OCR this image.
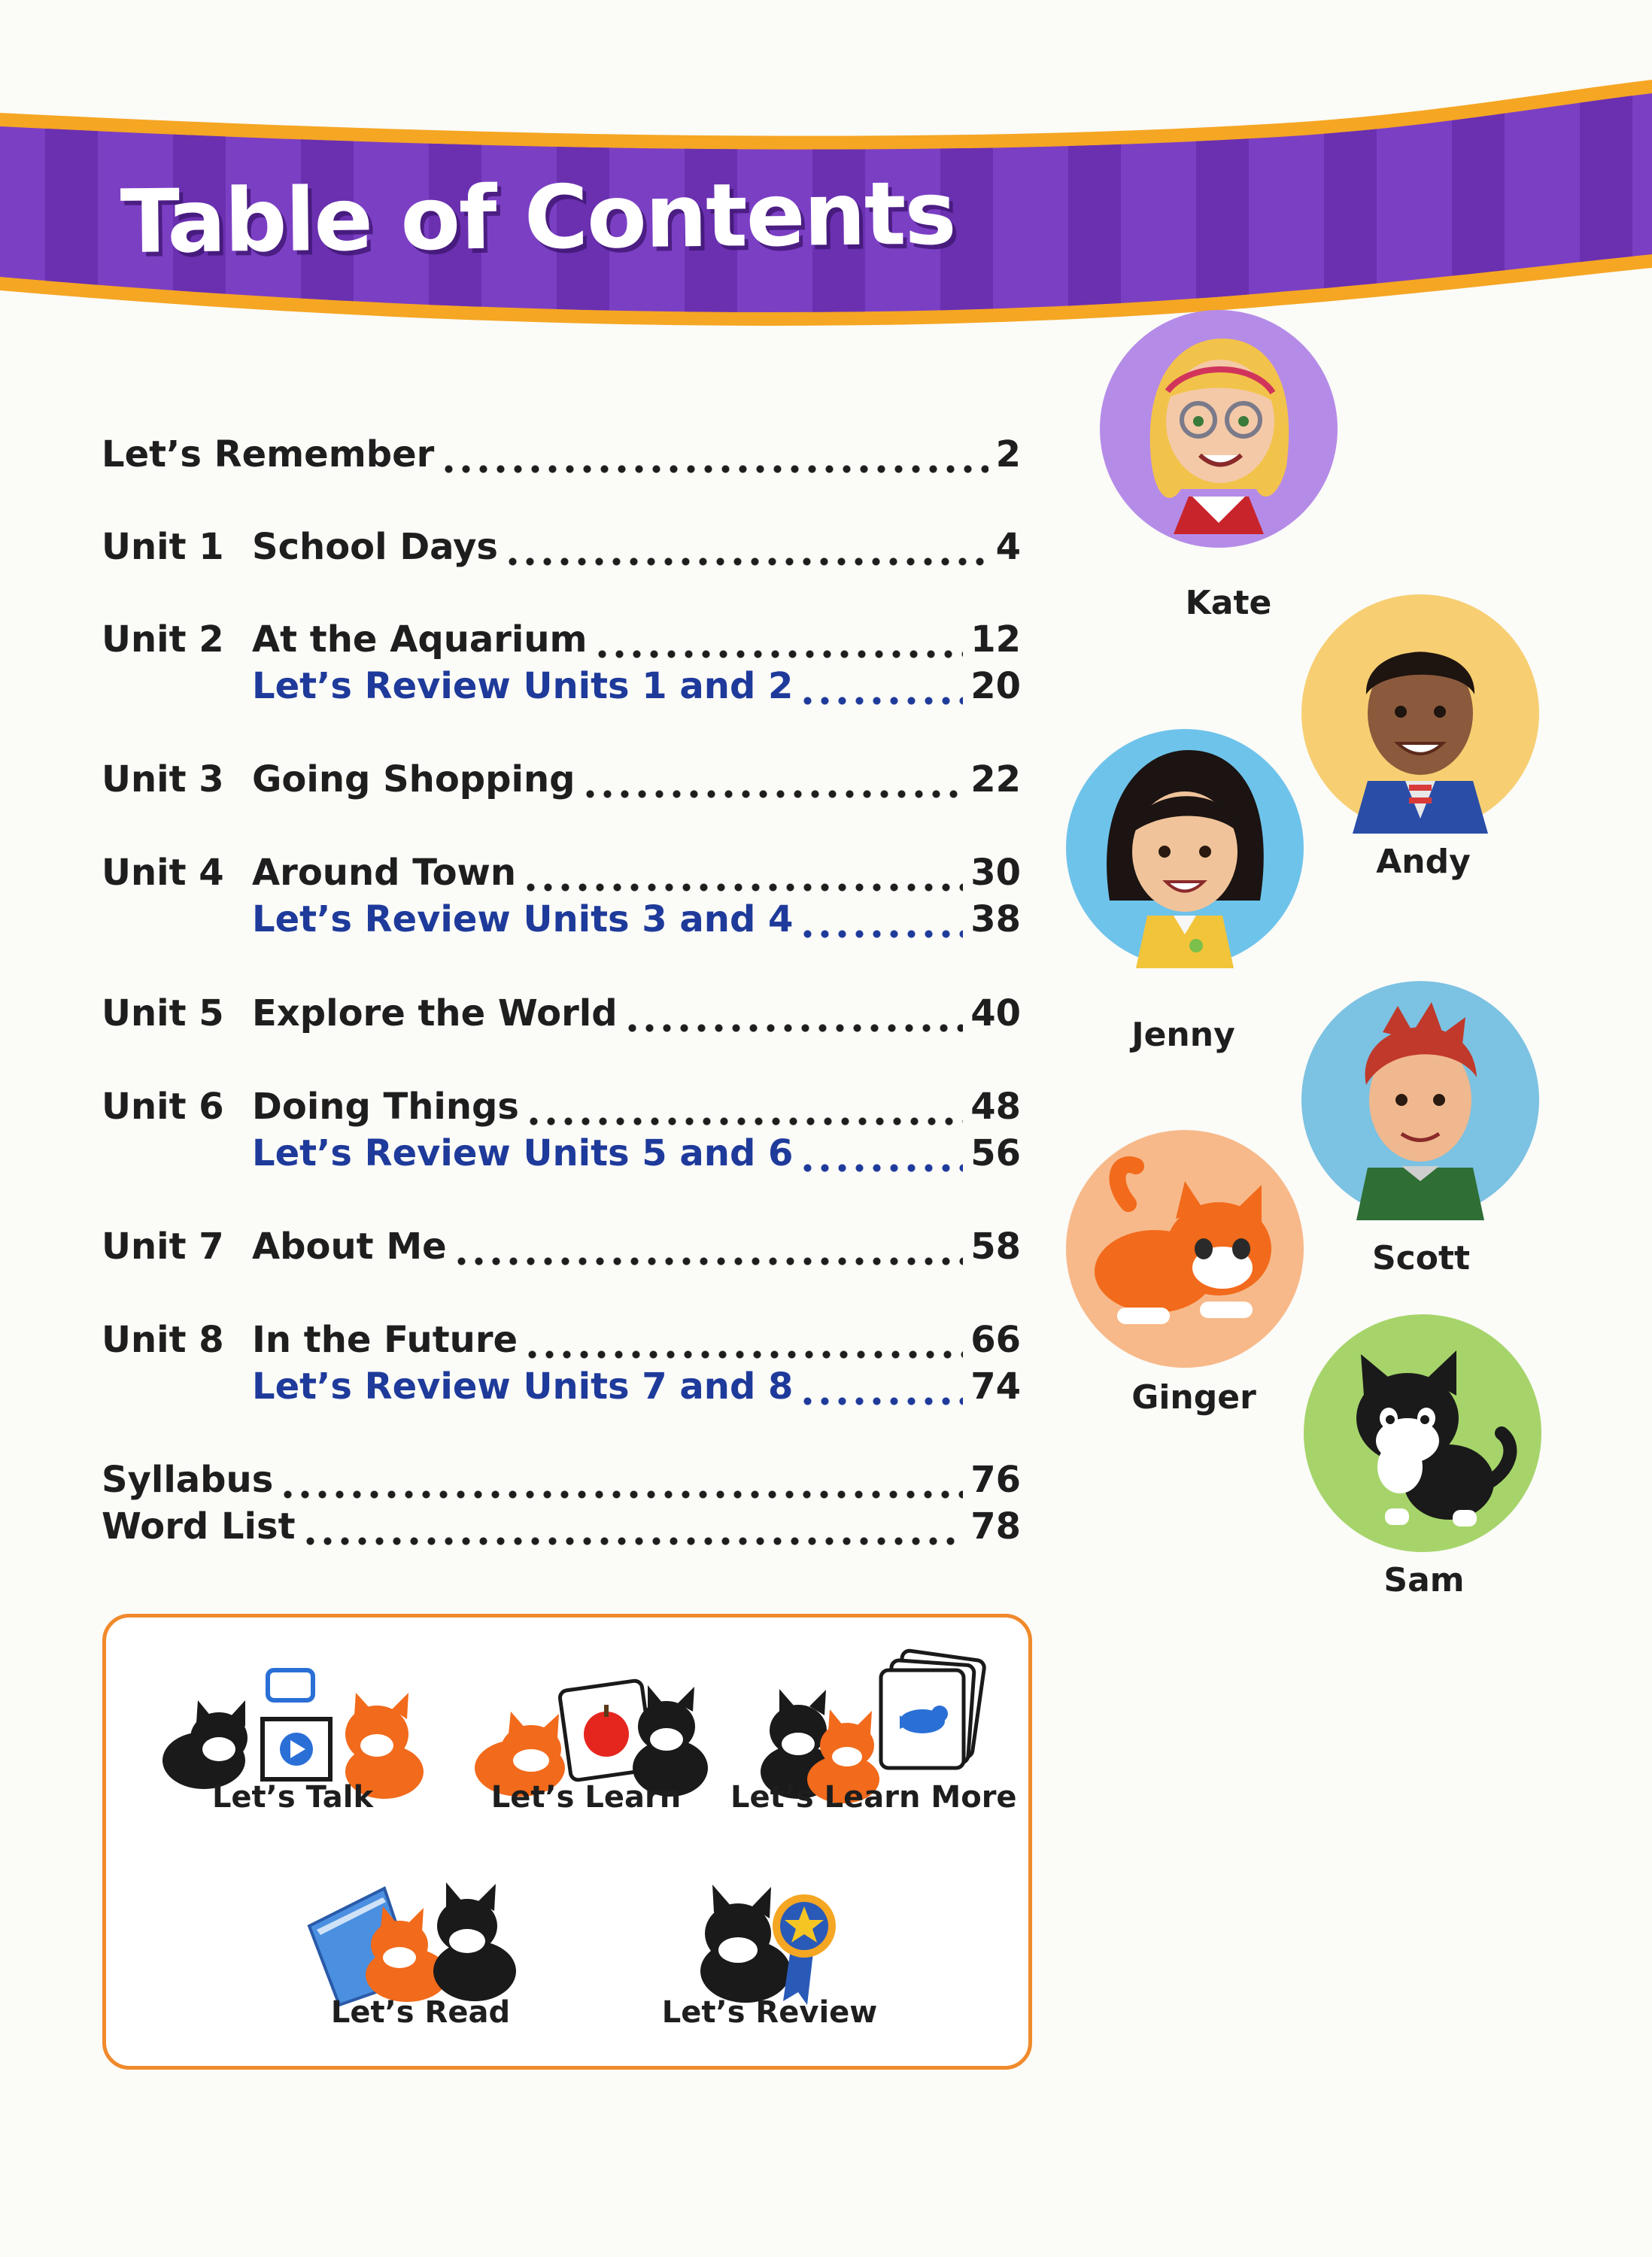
Table of Contents
Let’s Remember	2
Unit 1 School Days	4
Unit 2 At the Aquarium	12
Let’s Review Units 1 and 2	20
Unit 3 Going Shopping	22
Unit 4 Around Town	30
Let’s Review Units 3 and 4	38
Unit 5 Explore the World	40
Unit 6 Doing Things	48
Let’s Review Units 5 and 6	56
Unit 7 About Me	58
Unit 8 In the Future	66
Let’s Review Units 7 and 8	74
Syllabus	76
Word List	78
Kate
Andy
Jenny
Scott
Ginger
Sam
Let’s Talk	Let’s Learn	Let’s Learn More
Let’s Read	Let’s Review
